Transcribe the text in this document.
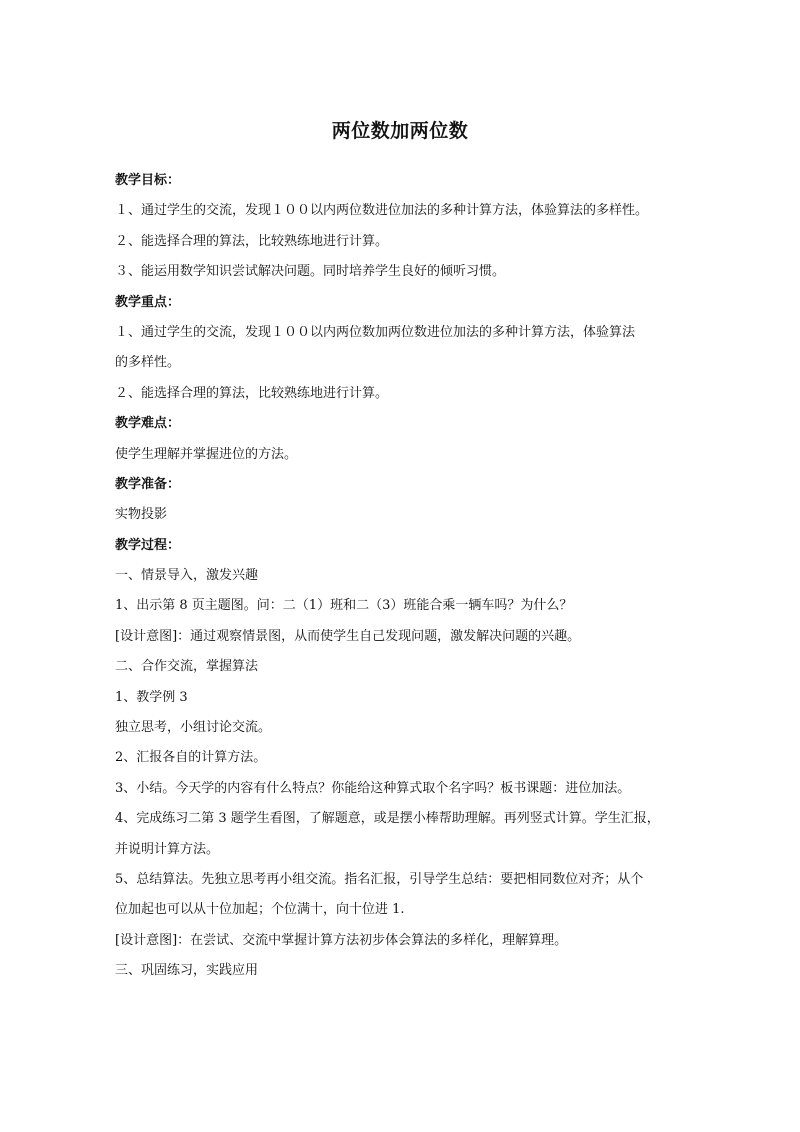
两位数加两位数
教学目标：
１、通过学生的交流，发现１００以内两位数进位加法的多种计算方法，体验算法的多样性。
２、能选择合理的算法，比较熟练地进行计算。
３、能运用数学知识尝试解决问题。同时培养学生良好的倾听习惯。
教学重点：
１、通过学生的交流，发现１００以内两位数加两位数进位加法的多种计算方法，体验算法
的多样性。
２、能选择合理的算法，比较熟练地进行计算。
教学难点：
使学生理解并掌握进位的方法。
教学准备：
实物投影
教学过程：
一、情景导入，激发兴趣
1、出示第 8 页主题图。问：二（1）班和二（3）班能合乘一辆车吗？为什么？
[设计意图]：通过观察情景图，从而使学生自己发现问题，激发解决问题的兴趣。
二、合作交流，掌握算法
1、教学例 3
独立思考，小组讨论交流。
2、汇报各自的计算方法。
3、小结。今天学的内容有什么特点？你能给这种算式取个名字吗？板书课题：进位加法。
4、完成练习二第 3 题学生看图，了解题意，或是摆小棒帮助理解。再列竖式计算。学生汇报，
并说明计算方法。
5、总结算法。先独立思考再小组交流。指名汇报，引导学生总结：要把相同数位对齐；从个
位加起也可以从十位加起；个位满十，向十位进 1.
[设计意图]：在尝试、交流中掌握计算方法初步体会算法的多样化，理解算理。
三、巩固练习，实践应用
